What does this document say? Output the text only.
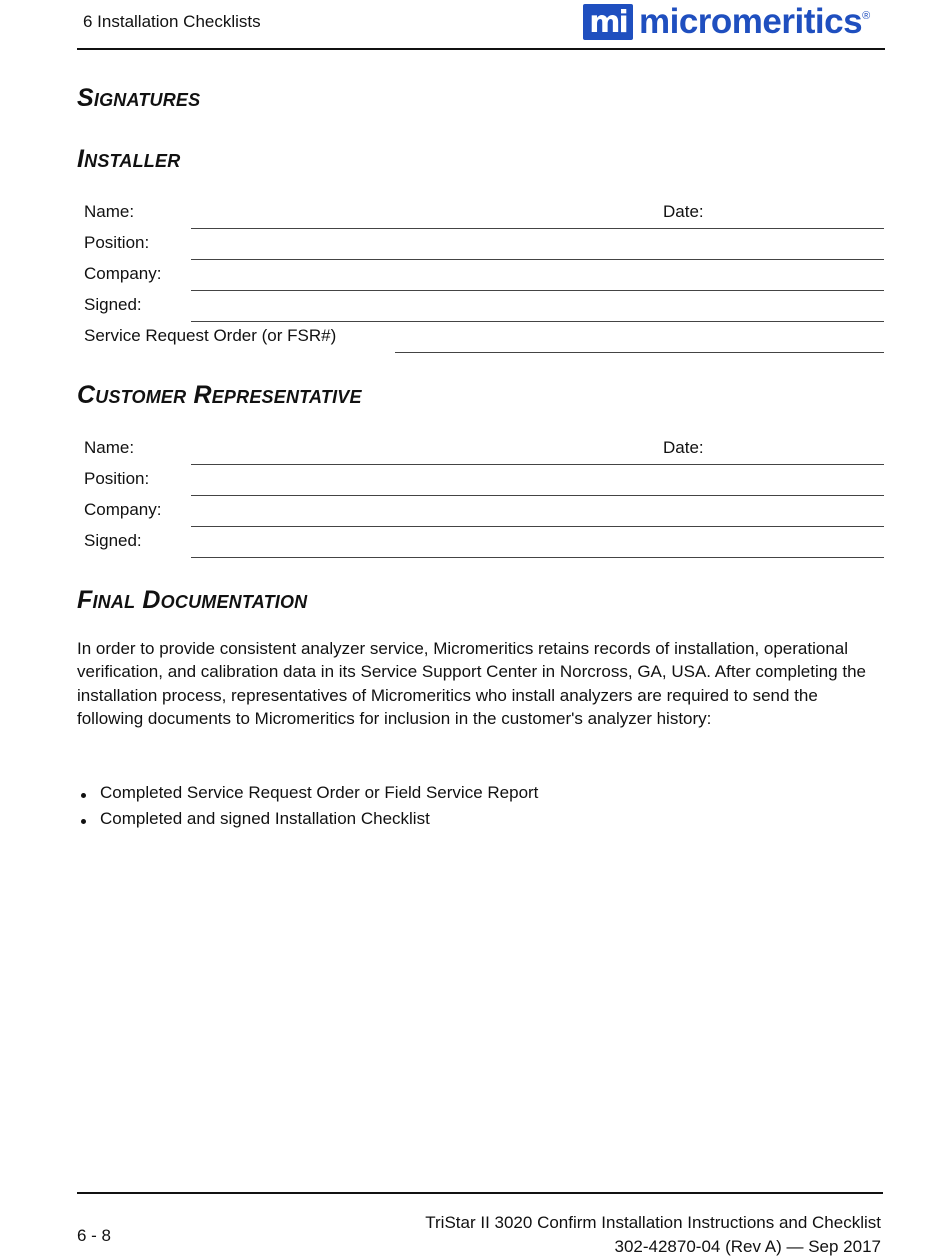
6 Installation Checklists	mi micromeritics ®
Signatures
Installer
Name:	Date:
Position:
Company:
Signed:
Service Request Order (or FSR#)
Customer Representative
Name:	Date:
Position:
Company:
Signed:
Final Documentation
In order to provide consistent analyzer service, Micromeritics retains records of installation, operational verification, and calibration data in its Service Support Center in Norcross, GA, USA. After completing the installation process, representatives of Micromeritics who install analyzers are required to send the following documents to Micromeritics for inclusion in the customer's analyzer history:
Completed Service Request Order or Field Service Report
Completed and signed Installation Checklist
6 - 8
TriStar II 3020 Confirm Installation Instructions and Checklist
302-42870-04 (Rev A) — Sep 2017
